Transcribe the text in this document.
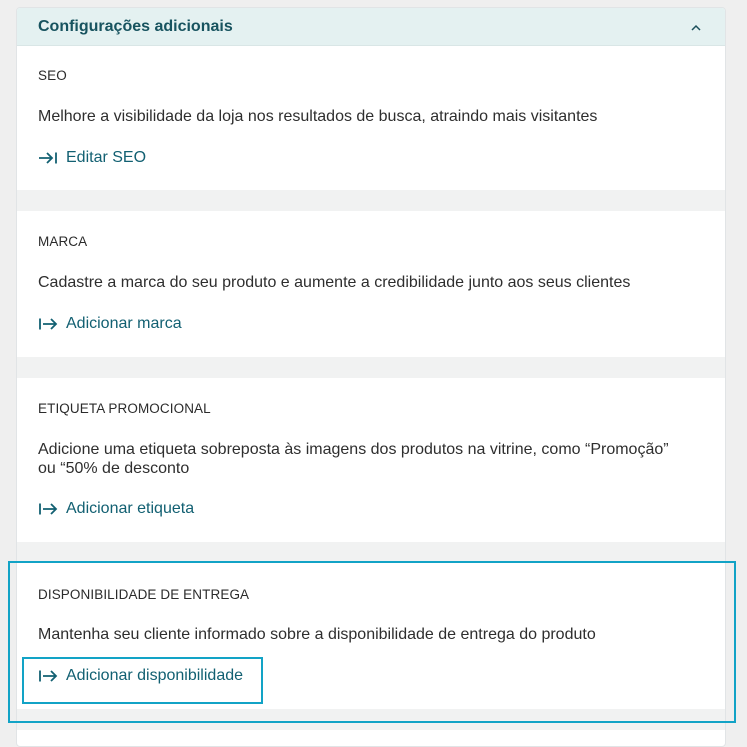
Configurações adicionais
SEO
Melhore a visibilidade da loja nos resultados de busca, atraindo mais visitantes
Editar SEO
MARCA
Cadastre a marca do seu produto e aumente a credibilidade junto aos seus clientes
Adicionar marca
ETIQUETA PROMOCIONAL
Adicione uma etiqueta sobreposta às imagens dos produtos na vitrine, como “Promoção”
ou “50% de desconto
Adicionar etiqueta
DISPONIBILIDADE DE ENTREGA
Mantenha seu cliente informado sobre a disponibilidade de entrega do produto
Adicionar disponibilidade
